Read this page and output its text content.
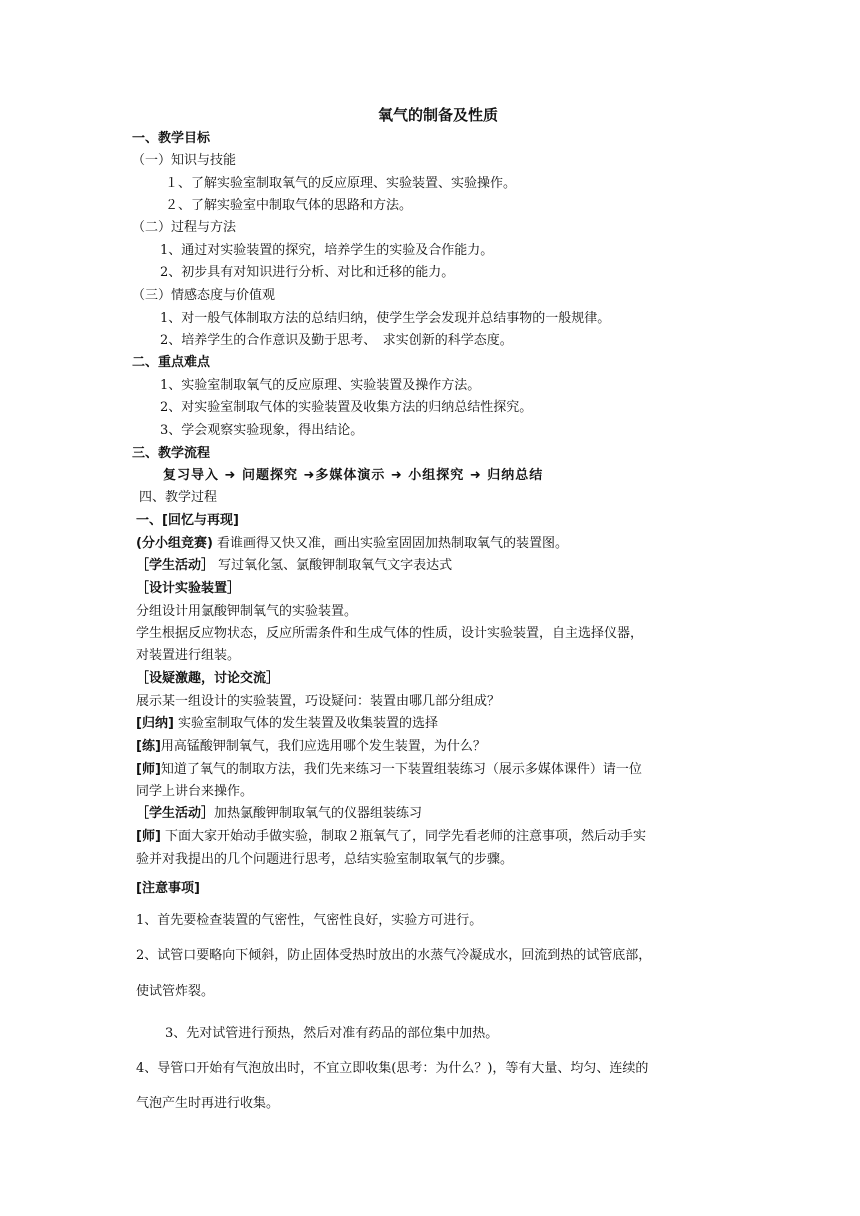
氧气的制备及性质
一、教学目标
（一）知识与技能
１、了解实验室制取氧气的反应原理、实验装置、实验操作。
２、了解实验室中制取气体的思路和方法。
（二）过程与方法
1、通过对实验装置的探究，培养学生的实验及合作能力。
2、初步具有对知识进行分析、对比和迁移的能力。
（三）情感态度与价值观
1、对一般气体制取方法的总结归纳，使学生学会发现并总结事物的一般规律。
2、培养学生的合作意识及勤于思考、　求实创新的科学态度。
二、重点难点
1、实验室制取氧气的反应原理、实验装置及操作方法。
2、对实验室制取气体的实验装置及收集方法的归纳总结性探究。
3、学会观察实验现象，得出结论。
三、教学流程
复习导入 ➜ 问题探究 ➜多媒体演示 ➜ 小组探究 ➜ 归纳总结
四、教学过程
一、[回忆与再现]
(分小组竞赛) 看谁画得又快又准，画出实验室固固加热制取氧气的装置图。
［学生活动］ 写过氧化氢、氯酸钾制取氧气文字表达式
［设计实验装置］
分组设计用氯酸钾制氧气的实验装置。
学生根据反应物状态，反应所需条件和生成气体的性质，设计实验装置，自主选择仪器，
对装置进行组装。
［设疑激趣，讨论交流］
展示某一组设计的实验装置，巧设疑问：装置由哪几部分组成？
[归纳] 实验室制取气体的发生装置及收集装置的选择
[练]用高锰酸钾制氧气，我们应选用哪个发生装置，为什么？
[师]知道了氧气的制取方法，我们先来练习一下装置组装练习（展示多媒体课件）请一位
同学上讲台来操作。
［学生活动］加热氯酸钾制取氧气的仪器组装练习
[师] 下面大家开始动手做实验，制取２瓶氧气了，同学先看老师的注意事项，然后动手实
验并对我提出的几个问题进行思考，总结实验室制取氧气的步骤。
[注意事项]
1、首先要检查装置的气密性，气密性良好，实验方可进行。
2、试管口要略向下倾斜，防止固体受热时放出的水蒸气冷凝成水，回流到热的试管底部，
使试管炸裂。
3、先对试管进行预热，然后对准有药品的部位集中加热。
4、导管口开始有气泡放出时，不宜立即收集(思考：为什么？)，等有大量、均匀、连续的
气泡产生时再进行收集。
